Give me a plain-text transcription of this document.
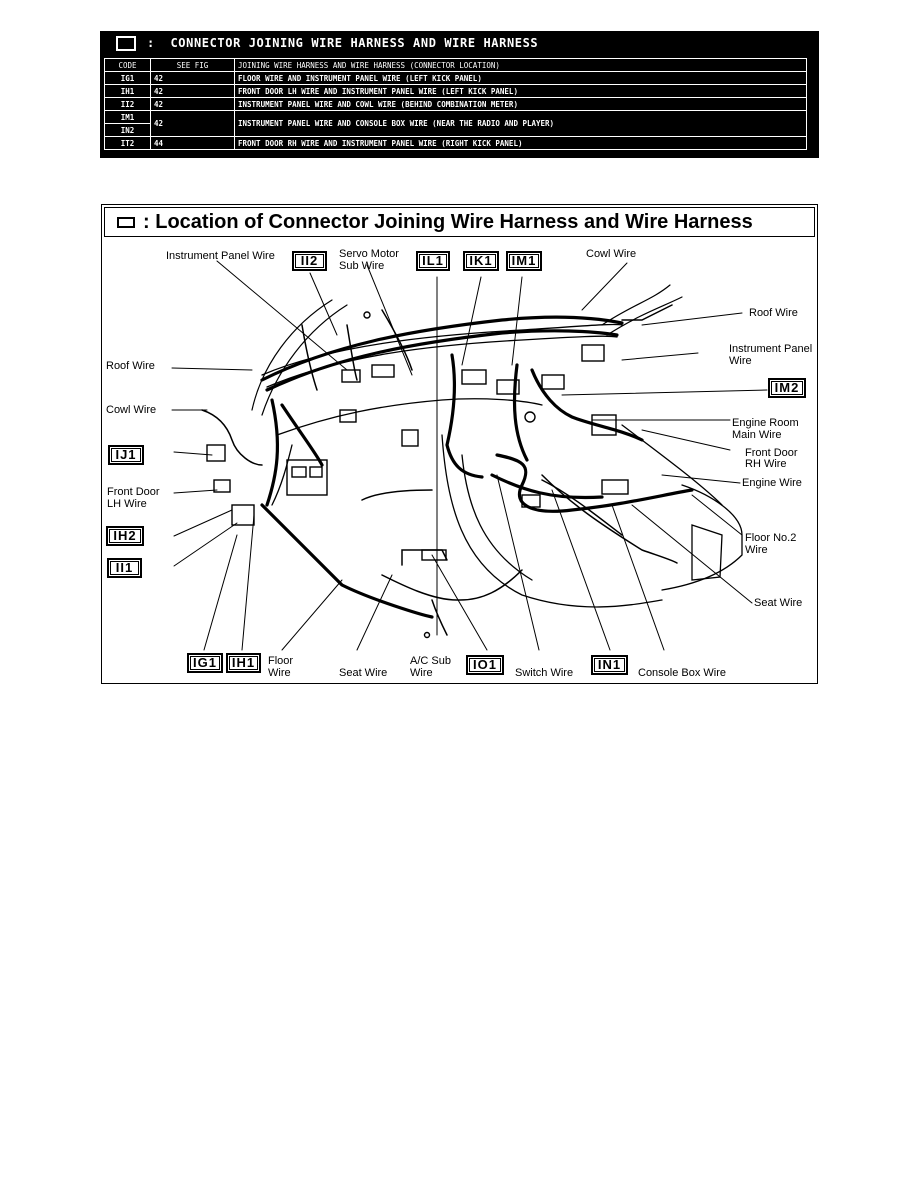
:  CONNECTOR JOINING WIRE HARNESS AND WIRE HARNESS
CODE	SEE FIG	JOINING WIRE HARNESS AND WIRE HARNESS (CONNECTOR LOCATION)
IG1	42	FLOOR WIRE AND INSTRUMENT PANEL WIRE (LEFT KICK PANEL)
IH1	42	FRONT DOOR LH WIRE AND INSTRUMENT PANEL WIRE (LEFT KICK PANEL)
II2	42	INSTRUMENT PANEL WIRE AND COWL WIRE (BEHIND COMBINATION METER)
IM1	42	INSTRUMENT PANEL WIRE AND CONSOLE BOX WIRE (NEAR THE RADIO AND PLAYER)
IN2		
IT2	44	FRONT DOOR RH WIRE AND INSTRUMENT PANEL WIRE (RIGHT KICK PANEL)
: Location of Connector Joining Wire Harness and Wire Harness
II2	IL1	IK1	IM1
IM2
IJ1
IH2
II1
IG1	IH1	IO1	IN1
Instrument Panel Wire	Servo Motor
Sub Wire
Cowl Wire
Roof Wire
Instrument Panel
Wire
Roof Wire
Cowl Wire
Engine Room
Main Wire
Front Door
RH Wire
Engine Wire
Front Door
LH Wire
Floor No.2
Wire
Seat Wire
Floor
Wire	Seat Wire
A/C Sub
Wire	Switch Wire	Console Box Wire
